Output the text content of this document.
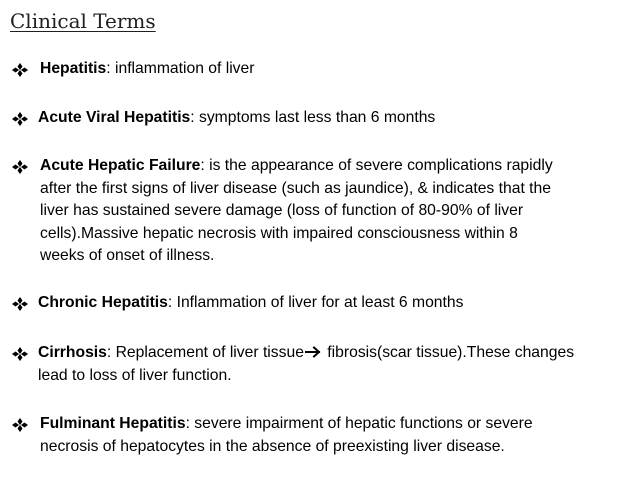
Clinical Terms
Hepatitis: inflammation of liver
Acute Viral Hepatitis: symptoms last less than 6 months
Acute Hepatic Failure: is the appearance of severe complications rapidly
after the first signs of liver disease (such as jaundice), & indicates that the
liver has sustained severe damage (loss of function of 80-90% of liver
cells).Massive hepatic necrosis with impaired consciousness within 8
weeks of onset of illness.
Chronic Hepatitis: Inflammation of liver for at least 6 months
Cirrhosis: Replacement of liver tissue fibrosis(scar tissue).These changes
lead to loss of liver function.
Fulminant Hepatitis: severe impairment of hepatic functions or severe
necrosis of hepatocytes in the absence of preexisting liver disease.
